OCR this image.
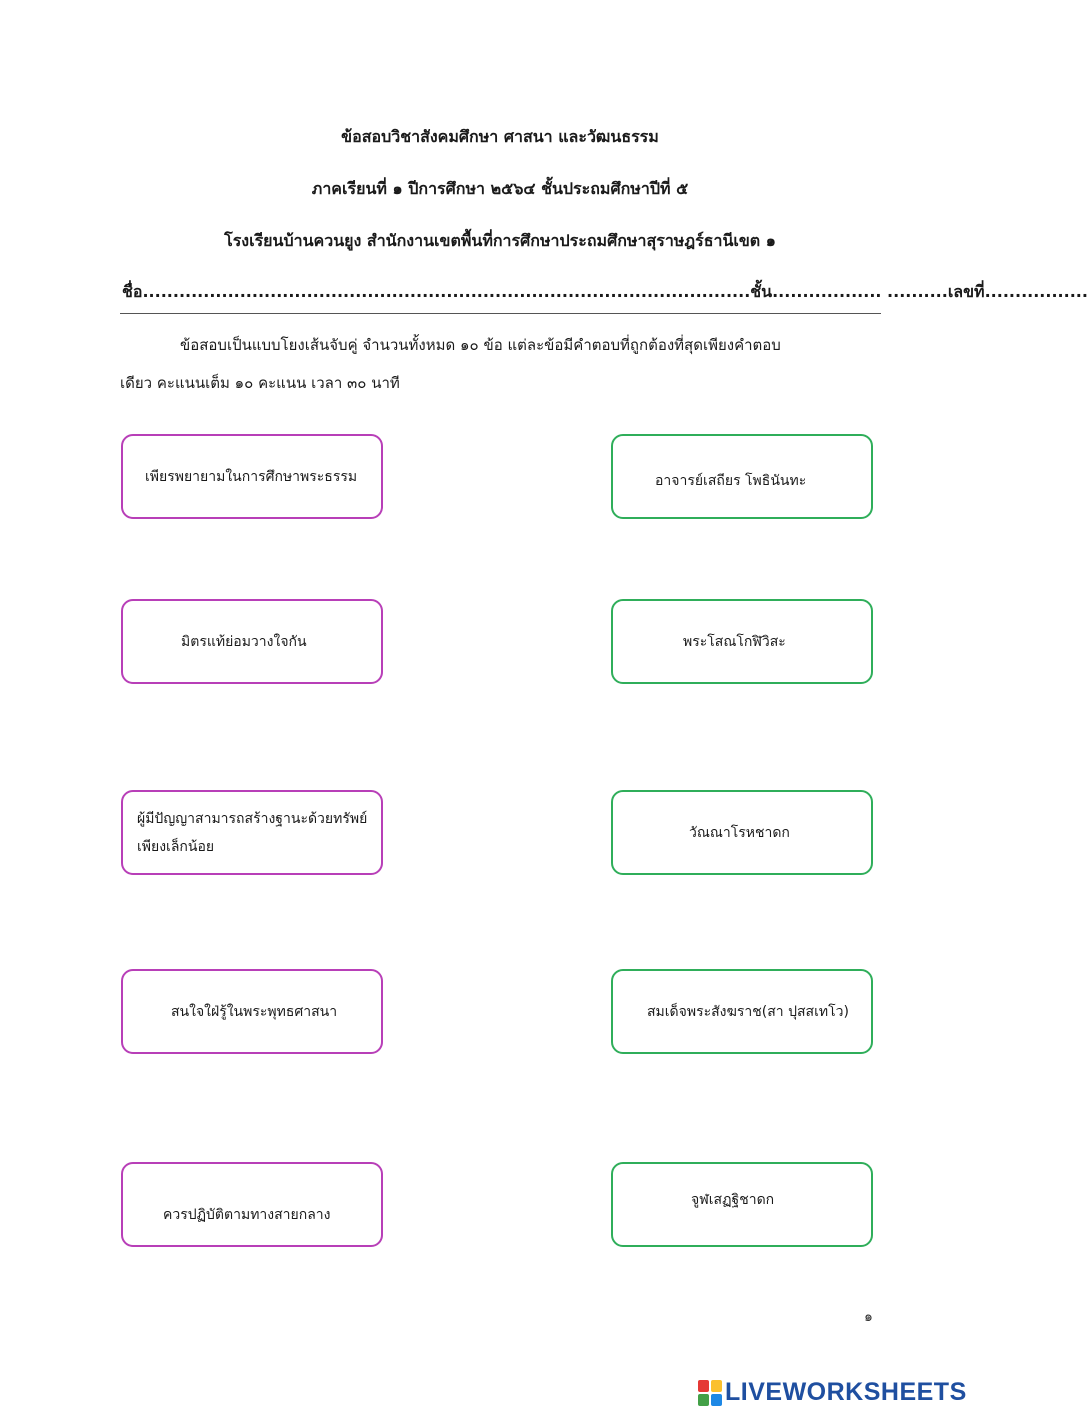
ข้อสอบวิชาสังคมศึกษา ศาสนา และวัฒนธรรม
ภาคเรียนที่ ๑ ปีการศึกษา ๒๕๖๔ ชั้นประถมศึกษาปีที่ ๕
โรงเรียนบ้านควนยูง สำนักงานเขตพื้นที่การศึกษาประถมศึกษาสุราษฎร์ธานีเขต ๑
ชื่อ....................................................................................................ชั้น.................. ..........เลขที่.................
ข้อสอบเป็นแบบโยงเส้นจับคู่ จำนวนทั้งหมด ๑๐ ข้อ แต่ละข้อมีคำตอบที่ถูกต้องที่สุดเพียงคำตอบ
เดียว คะแนนเต็ม ๑๐ คะแนน เวลา ๓๐ นาที
เพียรพยายามในการศึกษาพระธรรม
มิตรแท้ย่อมวางใจกัน
ผู้มีปัญญาสามารถสร้างฐานะด้วยทรัพย์เพียงเล็กน้อย
สนใจใฝ่รู้ในพระพุทธศาสนา
ควรปฏิบัติตามทางสายกลาง
อาจารย์เสถียร โพธินันทะ
พระโสณโกฬิวิสะ
วัณณาโรหชาดก
สมเด็จพระสังฆราช(สา ปุสสเทโว)
จูฬเสฏฐิชาดก
๑
LIVEWORKSHEETS
